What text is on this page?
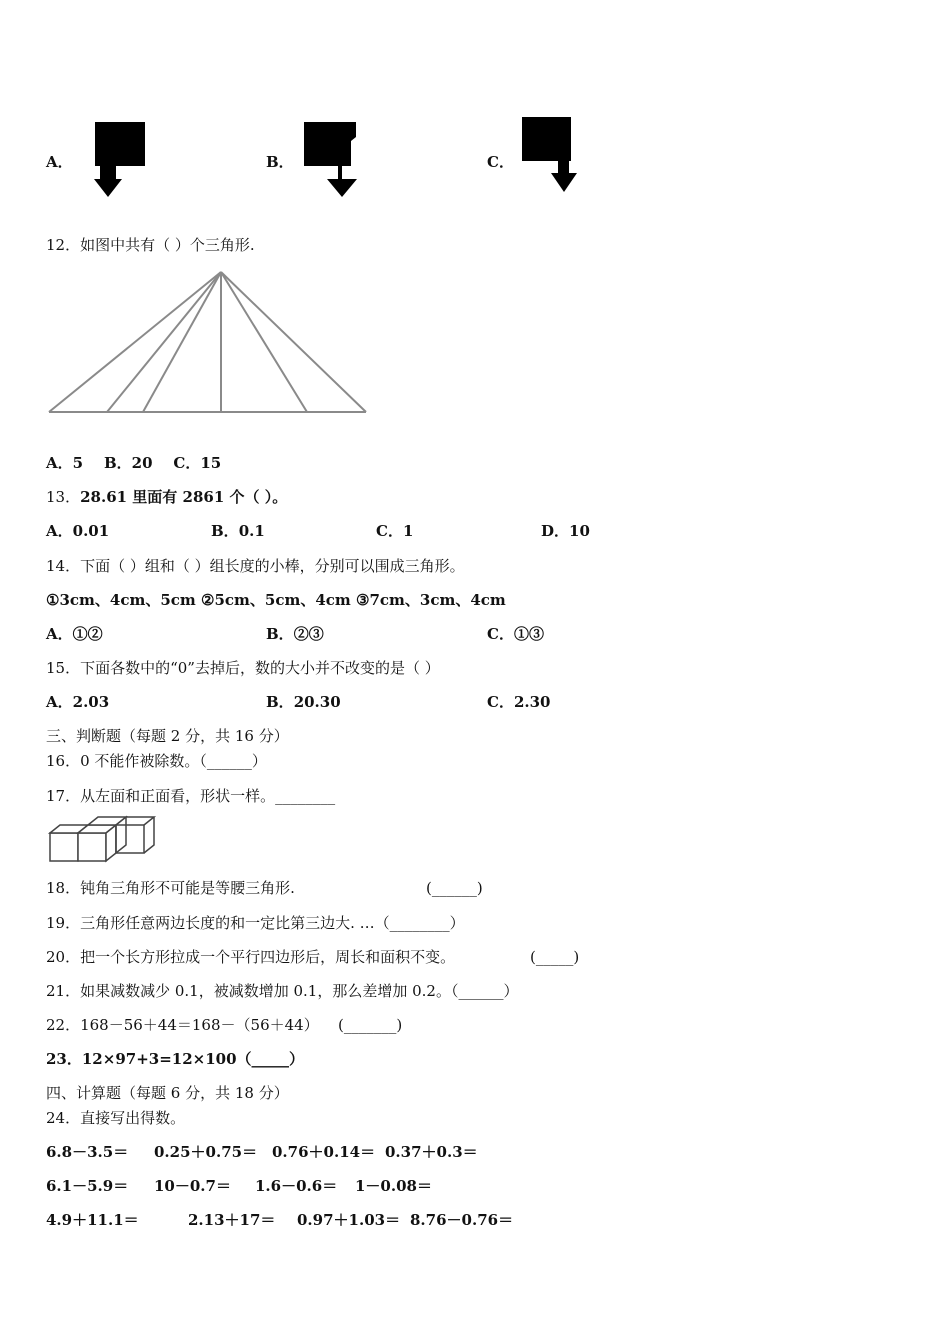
A．	B．	C．
12．如图中共有（ ）个三角形.
A．5 B．20 C．15
13．28.61 里面有 2861 个（ ）。
A．0.01	B．0.1	C．1	D．10
14．下面（ ）组和（ ）组长度的小棒，分别可以围成三角形。
①3cm、4cm、5cm ②5cm、5cm、4cm ③7cm、3cm、4cm
A．①②	B．②③	C．①③
15．下面各数中的“0”去掉后，数的大小并不改变的是（ ）
A．2.03	B．20.30	C．2.30
三、判断题（每题 2 分，共 16 分）
16．0 不能作被除数。（______）
17．从左面和正面看，形状一样。________
18．钝角三角形不可能是等腰三角形.	(______)
19．三角形任意两边长度的和一定比第三边大. …（________）
20．把一个长方形拉成一个平行四边形后，周长和面积不变。	(_____)
21．如果减数减少 0.1，被减数增加 0.1，那么差增加 0.2。（______）
22．168－56＋44＝168－（56＋44） (_______)
23．12×97+3=12×100（_____）
四、计算题（每题 6 分，共 18 分）
24．直接写出得数。
6.8－3.5＝ 0.25＋0.75＝ 0.76＋0.14＝ 0.37＋0.3＝
6.1－5.9＝ 10－0.7＝ 1.6－0.6＝ 1－0.08＝
4.9＋11.1＝	2.13＋17＝ 0.97＋1.03＝ 8.76－0.76＝
